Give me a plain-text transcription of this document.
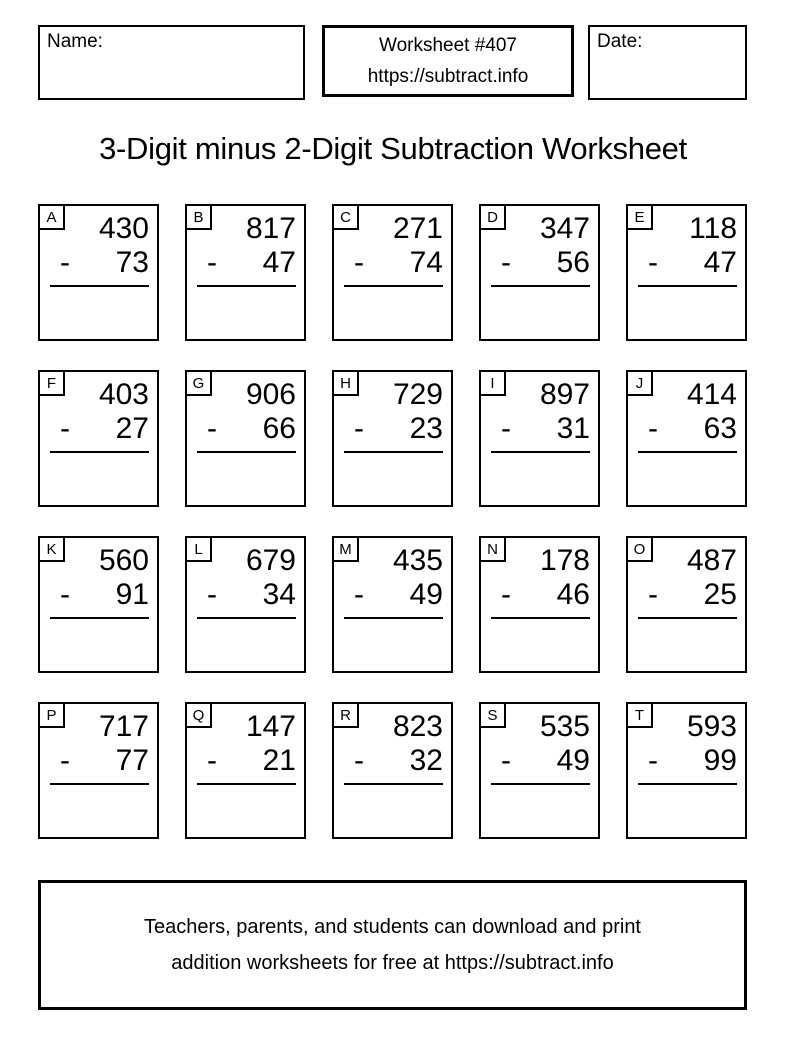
Name:	Worksheet #407
https://subtract.info
Date:
3-Digit minus 2-Digit Subtraction Worksheet
A	430
-	73
B	817
-	47
C	271
-	74
D	347
-	56
E	118
-	47
F	403
-	27
G	906
-	66
H	729
-	23
I	897
-	31
J	414
-	63
K	560
-	91
L	679
-	34
M	435
-	49
N	178
-	46
O	487
-	25
P	717
-	77
Q	147
-	21
R	823
-	32
S	535
-	49
T	593
-	99
Teachers, parents, and students can download and print
addition worksheets for free at https://subtract.info
